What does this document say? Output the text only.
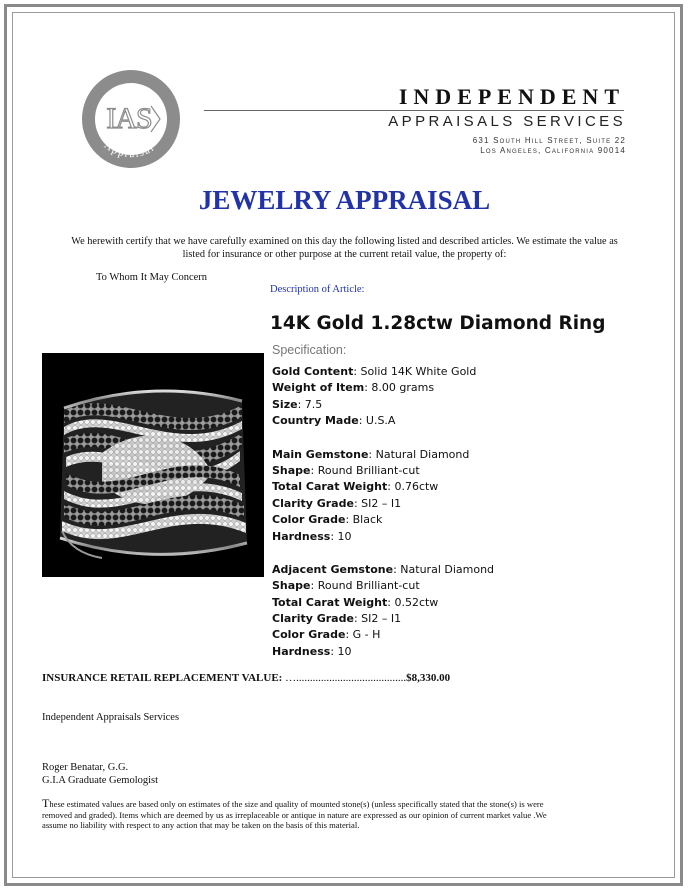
Appraisal
IAS
INDEPENDENT
APPRAISALS SERVICES
631 South Hill Street, Suite 22
Los Angeles, California 90014
JEWELRY APPRAISAL
We herewith certify that we have carefully examined on this day the following listed and described articles. We estimate the value as listed for insurance or other purpose at the current retail value, the property of:
To Whom It May Concern
Description of Article:
14K Gold 1.28ctw Diamond Ring
Specification:
Gold Content: Solid 14K White Gold
Weight of Item: 8.00 grams
Size: 7.5
Country Made: U.S.A
Main Gemstone: Natural Diamond
Shape: Round Brilliant-cut
Total Carat Weight: 0.76ctw
Clarity Grade: SI2 – I1
Color Grade: Black
Hardness: 10
Adjacent Gemstone: Natural Diamond
Shape: Round Brilliant-cut
Total Carat Weight: 0.52ctw
Clarity Grade: SI2 – I1
Color Grade: G - H
Hardness: 10
INSURANCE RETAIL REPLACEMENT VALUE: …........................................$8,330.00
Independent Appraisals Services
Roger Benatar, G.G.
G.I.A Graduate Gemologist
These estimated values are based only on estimates of the size and quality of mounted stone(s) (unless specifically stated that the stone(s) is were removed and graded). Items which are deemed by us as irreplaceable or antique in nature are expressed as our opinion of current market value .We assume no liability with respect to any action that may be taken on the basis of this material.
